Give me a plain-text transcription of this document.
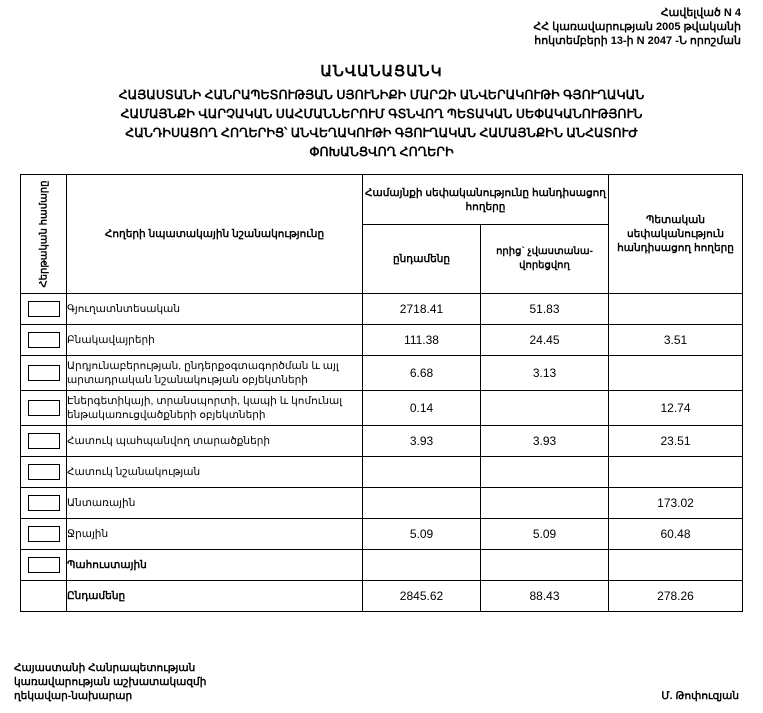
Հավելված N 4
ՀՀ կառավարության 2005 թվականի
հոկտեմբերի 13-ի N 2047 -Ն որոշման
ԱՆՎԱՆԱՑԱՆԿ
ՀԱՅԱՍՏԱՆԻ ՀԱՆՐԱՊԵՏՈՒԹՅԱՆ ՍՅՈՒՆԻՔԻ ՄԱՐԶԻ ԱՆՎԵՐԱԿՈՒԹԻ ԳՅՈՒՂԱԿԱՆ
ՀԱՄԱՅՆՔԻ ՎԱՐՉԱԿԱՆ ՍԱՀՄԱՆՆԵՐՈՒՄ ԳՏՆՎՈՂ ՊԵՏԱԿԱՆ ՍԵՓԱԿԱՆՈՒԹՅՈՒՆ
ՀԱՆԴԻՍԱՑՈՂ ՀՈՂԵՐԻՑ՝ ԱՆՎԵՂԱԿՈՒԹԻ ԳՅՈՒՂԱԿԱՆ ՀԱՄԱՅՆՔԻՆ ԱՆՀԱՏՈՒԺ
ՓՈԽԱՆՑՎՈՂ ՀՈՂԵՐԻ
Հերթական համարը	Հողերի նպատակային նշանակությունը	Համայնքի սեփականությունը հանդիսացող հողերը		Պետական սեփականություն հանդիսացող հողերը
		ընդամենը	որից` չվաստանա- վորեցվող	
	Գյուղատնտեսական	2718.41	51.83	
	Բնակավայրերի	111.38	24.45	3.51
	Արդյունաբերության, ընդերքօգտագործման և այլ արտադրական նշանակության օբյեկտների	6.68	3.13	
	Էներգետիկայի, տրանսպորտի, կապի և կոմունալ ենթակառուցվածքների օբյեկտների	0.14		12.74
	Հատուկ պահպանվող տարածքների	3.93	3.93	23.51
	Հատուկ նշանակության			
	Անտառային			173.02
	Ջրային	5.09	5.09	60.48
	Պահուստային			
	Ընդամենը	2845.62	88.43	278.26
Հայաստանի Հանրապետության
կառավարության աշխատակազմի
ղեկավար-նախարար	Մ. Թոփուզյան
